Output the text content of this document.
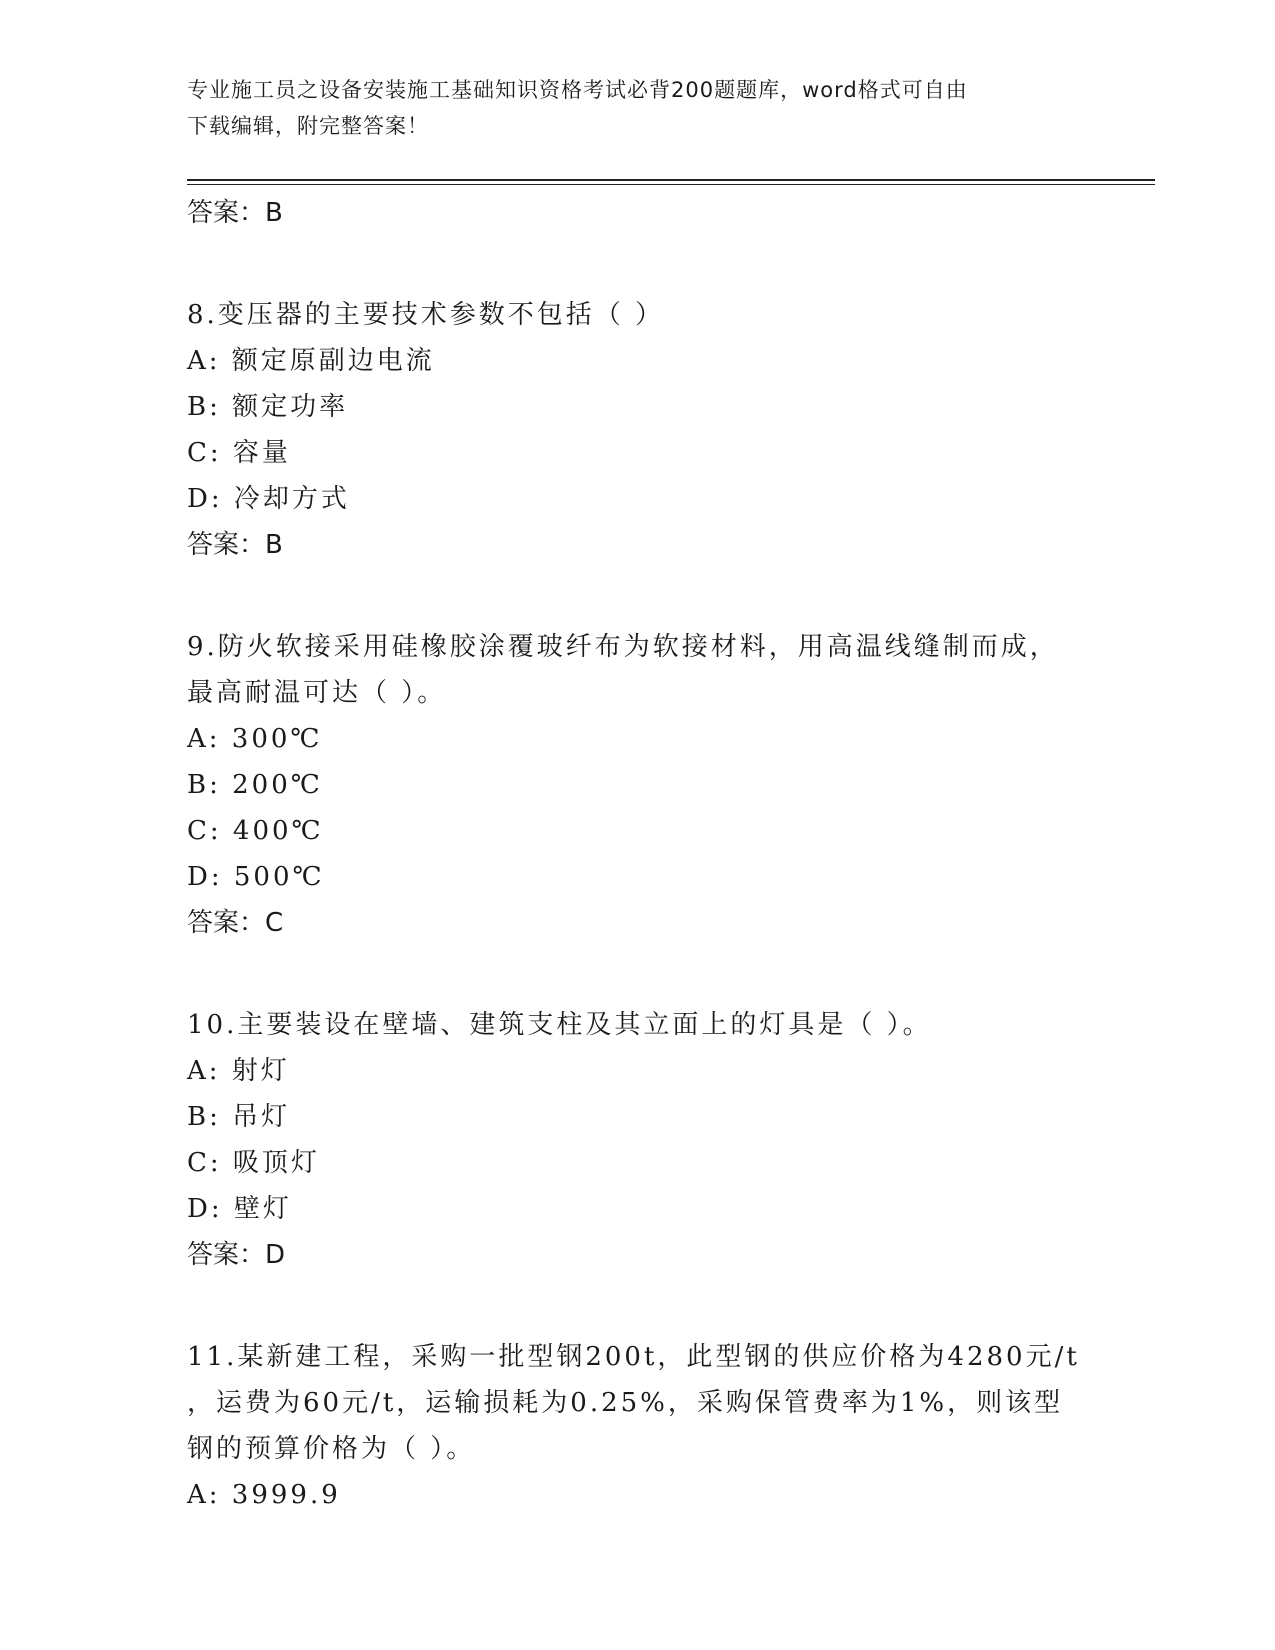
专业施工员之设备安装施工基础知识资格考试必背200题题库，word格式可自由
下载编辑，附完整答案！
答案：B
8.变压器的主要技术参数不包括（ ）
A: 额定原副边电流
B: 额定功率
C: 容量
D: 冷却方式
答案：B
9.防火软接采用硅橡胶涂覆玻纤布为软接材料，用高温线缝制而成，
最高耐温可达（ ）。
A: 300℃
B: 200℃
C: 400℃
D: 500℃
答案：C
10.主要装设在壁墙、建筑支柱及其立面上的灯具是（ ）。
A: 射灯
B: 吊灯
C: 吸顶灯
D: 壁灯
答案：D
11.某新建工程，采购一批型钢200t，此型钢的供应价格为4280元/t
，运费为60元/t，运输损耗为0.25%，采购保管费率为1%，则该型
钢的预算价格为（ ）。
A: 3999.9
